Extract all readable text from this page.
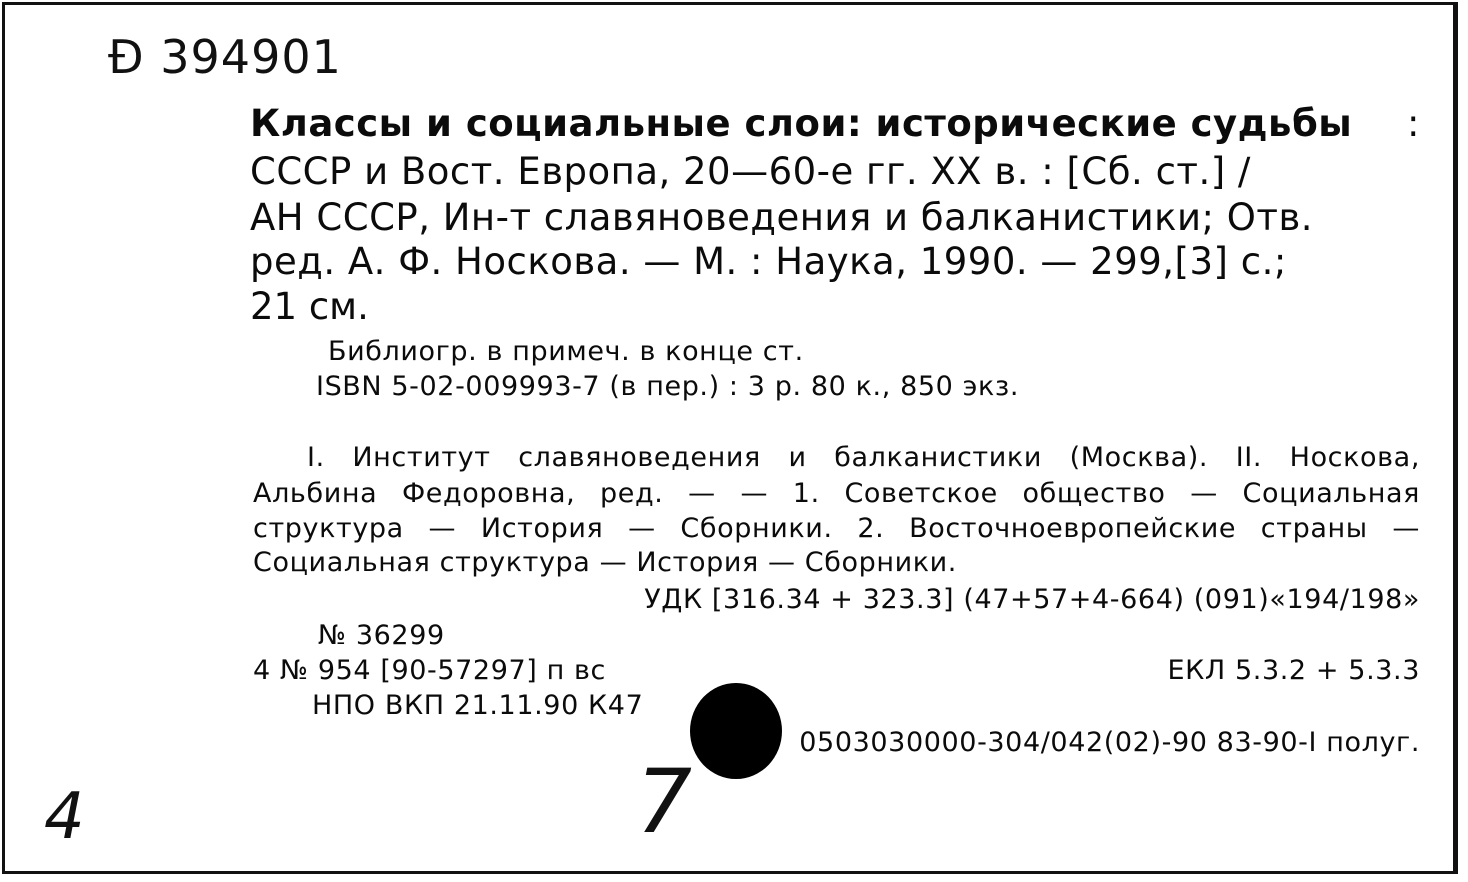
Ð 394901
Классы и социальные слои: исторические судьбы :
СССР и Вост. Европа, 20—60-е гг. XX в. : [Сб. ст.] /
АН СССР, Ин-т славяноведения и балканистики; Отв.
ред. А. Ф. Носкова. — М. : Наука, 1990. — 299,[3] с.;
21 см.
Библиогр. в примеч. в конце ст.
ISBN 5-02-009993-7 (в пер.) : 3 р. 80 к., 850 экз.
I. Институт славяноведения и балканистики (Москва). II. Носкова,
Альбина Федоровна, ред. — — 1. Советское общество — Социальная
структура — История — Сборники. 2. Восточноевропейские страны —
Социальная структура — История — Сборники.
УДК [316.34 + 323.3] (47+57+4-664) (091)«194/198»
№ 36299
4 № 954 [90-57297] п вс	ЕКЛ 5.3.2 + 5.3.3
НПО ВКП 21.11.90 К47
0503030000-304/042(02)-90 83-90-I полуг.
4	7
